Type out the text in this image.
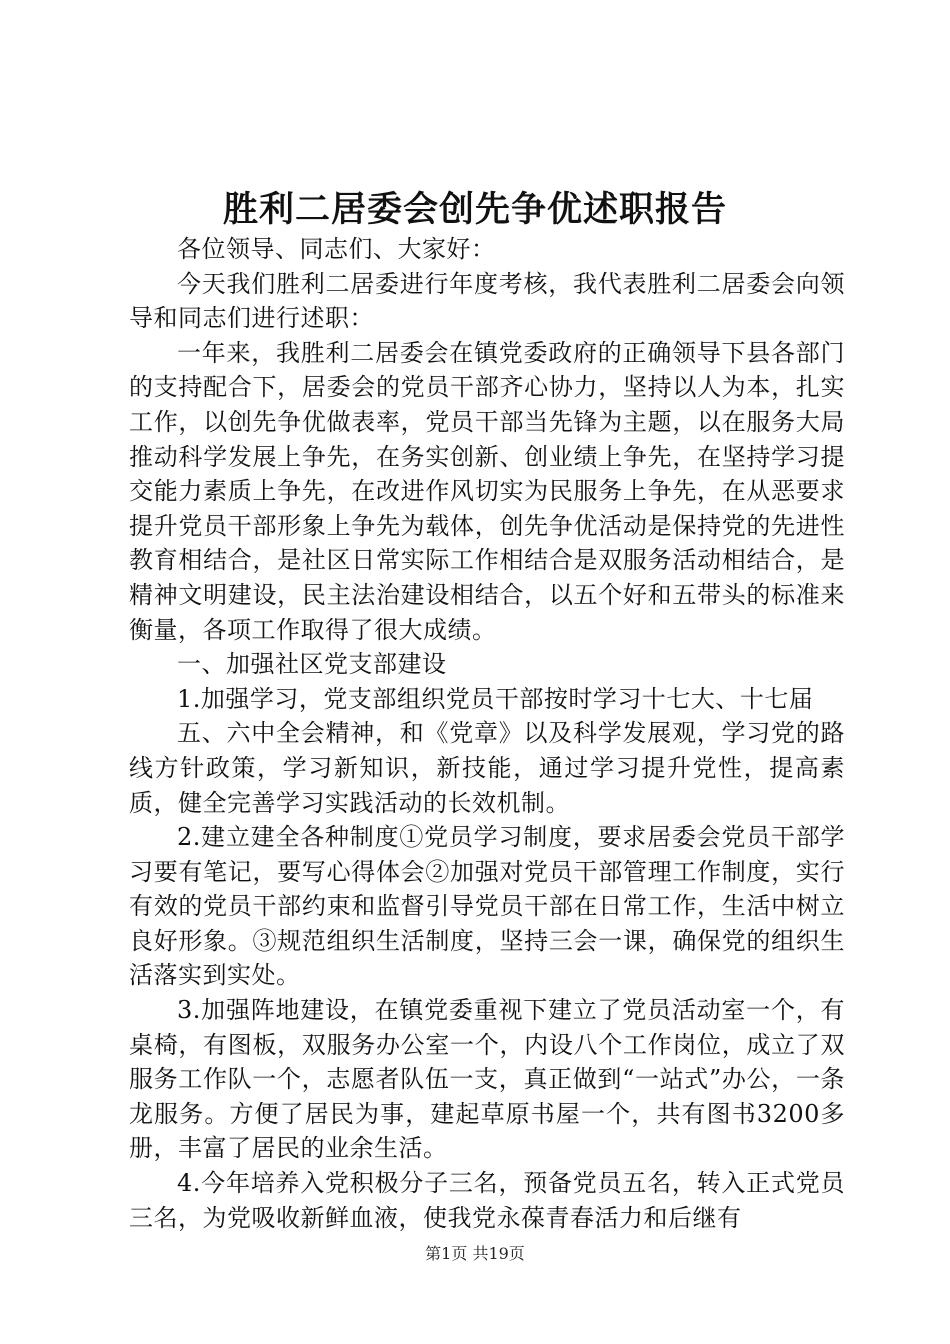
胜利二居委会创先争优述职报告

各位领导、同志们、大家好：

今天我们胜利二居委进行年度考核，我代表胜利二居委会向领导和同志们进行述职：

一年来，我胜利二居委会在镇党委政府的正确领导下县各部门的支持配合下，居委会的党员干部齐心协力，坚持以人为本，扎实工作，以创先争优做表率，党员干部当先锋为主题，以在服务大局推动科学发展上争先，在务实创新、创业绩上争先，在坚持学习提交能力素质上争先，在改进作风切实为民服务上争先，在从恶要求提升党员干部形象上争先为载体，创先争优活动是保持党的先进性教育相结合，是社区日常实际工作相结合是双服务活动相结合，是精神文明建设，民主法治建设相结合，以五个好和五带头的标准来衡量，各项工作取得了很大成绩。

一、加强社区党支部建设

1.加强学习，党支部组织党员干部按时学习十七大、十七届

五、六中全会精神，和《党章》以及科学发展观，学习党的路线方针政策，学习新知识，新技能，通过学习提升党性，提高素质，健全完善学习实践活动的长效机制。

2.建立建全各种制度①党员学习制度，要求居委会党员干部学习要有笔记，要写心得体会②加强对党员干部管理工作制度，实行有效的党员干部约束和监督引导党员干部在日常工作，生活中树立良好形象。③规范组织生活制度，坚持三会一课，确保党的组织生活落实到实处。

3.加强阵地建设，在镇党委重视下建立了党员活动室一个，有桌椅，有图板，双服务办公室一个，内设八个工作岗位，成立了双服务工作队一个，志愿者队伍一支，真正做到“一站式”办公，一条龙服务。方便了居民为事，建起草原书屋一个，共有图书3200多册，丰富了居民的业余生活。

4.今年培养入党积极分子三名，预备党员五名，转入正式党员三名，为党吸收新鲜血液，使我党永葆青春活力和后继有

第1页 共19页
